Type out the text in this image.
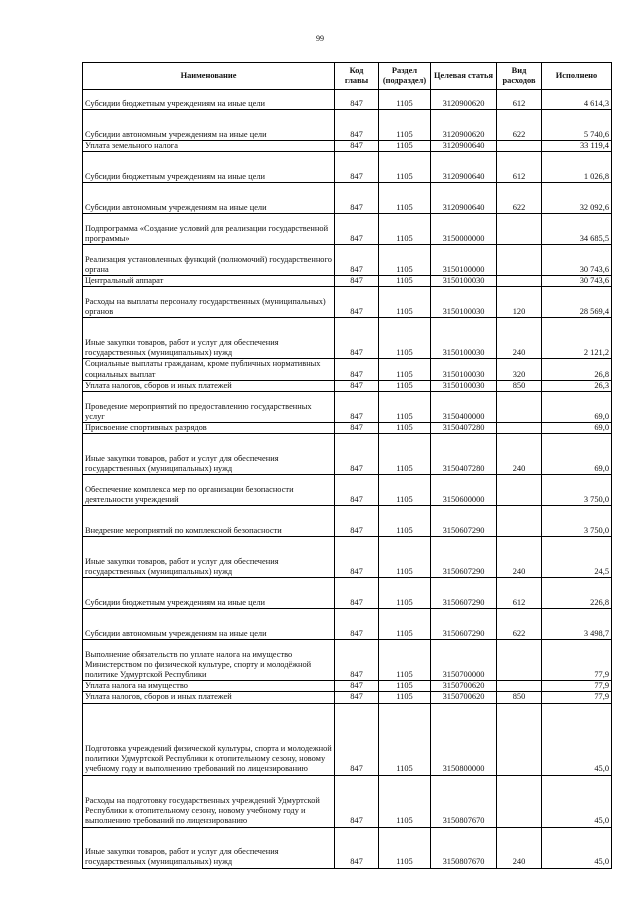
99
Наименование	Код главы	Раздел (подраздел)	Целевая статья	Вид расходов	Исполнено
Субсидии бюджетным учреждениям на иные цели	847	1105	3120900620	612	4 614,3
Субсидии автономным учреждениям на иные цели	847	1105	3120900620	622	5 740,6
Уплата земельного налога	847	1105	3120900640		33 119,4
Субсидии бюджетным учреждениям на иные цели	847	1105	3120900640	612	1 026,8
Субсидии автономным учреждениям на иные цели	847	1105	3120900640	622	32 092,6
Подпрограмма «Создание условий для реализации государственной программы»	847	1105	3150000000		34 685,5
Реализация установленных функций (полномочий) государственного органа	847	1105	3150100000		30 743,6
Центральный аппарат	847	1105	3150100030		30 743,6
Расходы на выплаты персоналу государственных (муниципальных) органов	847	1105	3150100030	120	28 569,4
Иные закупки товаров, работ и услуг для обеспечения государственных (муниципальных) нужд	847	1105	3150100030	240	2 121,2
Социальные выплаты гражданам, кроме публичных нормативных социальных выплат	847	1105	3150100030	320	26,8
Уплата налогов, сборов и иных платежей	847	1105	3150100030	850	26,3
Проведение мероприятий по предоставлению государственных услуг	847	1105	3150400000		69,0
Присвоение спортивных разрядов	847	1105	3150407280		69,0
Иные закупки товаров, работ и услуг для обеспечения государственных (муниципальных) нужд	847	1105	3150407280	240	69,0
Обеспечение комплекса мер по организации безопасности деятельности учреждений	847	1105	3150600000		3 750,0
Внедрение мероприятий по комплексной безопасности	847	1105	3150607290		3 750,0
Иные закупки товаров, работ и услуг для обеспечения государственных (муниципальных) нужд	847	1105	3150607290	240	24,5
Субсидии бюджетным учреждениям на иные цели	847	1105	3150607290	612	226,8
Субсидии автономным учреждениям на иные цели	847	1105	3150607290	622	3 498,7
Выполнение обязательств по уплате налога на имущество Министерством по физической культуре, спорту и молодёжной политике Удмуртской Республики	847	1105	3150700000		77,9
Уплата налога на имущество	847	1105	3150700620		77,9
Уплата налогов, сборов и иных платежей	847	1105	3150700620	850	77,9
Подготовка учреждений физической культуры, спорта и молодежной политики Удмуртской Республики к отопительному сезону, новому учебному году и выполнению требований по лицензированию	847	1105	3150800000		45,0
Расходы на подготовку государственных учреждений Удмуртской Республики к отопительному сезону, новому учебному году и выполнению требований по лицензированию	847	1105	3150807670		45,0
Иные закупки товаров, работ и услуг для обеспечения государственных (муниципальных) нужд	847	1105	3150807670	240	45,0
